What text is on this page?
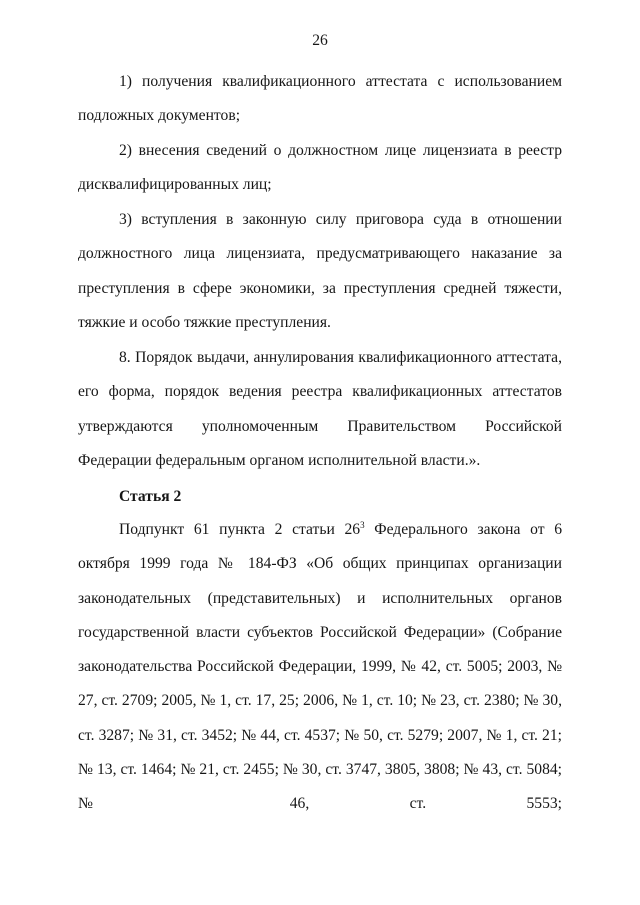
26

1) получения квалификационного аттестата с использованием подложных документов;

2) внесения сведений о должностном лице лицензиата в реестр дисквалифицированных лиц;

3) вступления в законную силу приговора суда в отношении должностного лица лицензиата, предусматривающего наказание за преступления в сфере экономики, за преступления средней тяжести, тяжкие и особо тяжкие преступления.

8. Порядок выдачи, аннулирования квалификационного аттестата, его форма, порядок ведения реестра квалификационных аттестатов утверждаются уполномоченным Правительством Российской Федерации федеральным органом исполнительной власти.».

Статья 2

Подпункт 61 пункта 2 статьи $26^3$ Федерального закона от 6 октября 1999 года № 184-ФЗ «Об общих принципах организации законодательных (представительных) и исполнительных органов государственной власти субъектов Российской Федерации» (Собрание законодательства Российской Федерации, 1999, № 42, ст. 5005; 2003, № 27, ст. 2709; 2005, № 1, ст. 17, 25; 2006, № 1, ст. 10; № 23, ст. 2380; № 30, ст. 3287; № 31, ст. 3452; № 44, ст. 4537; № 50, ст. 5279; 2007, № 1, ст. 21; № 13, ст. 1464; № 21, ст. 2455; № 30, ст. 3747, 3805, 3808; № 43, ст. 5084; № 46, ст. 5553;
